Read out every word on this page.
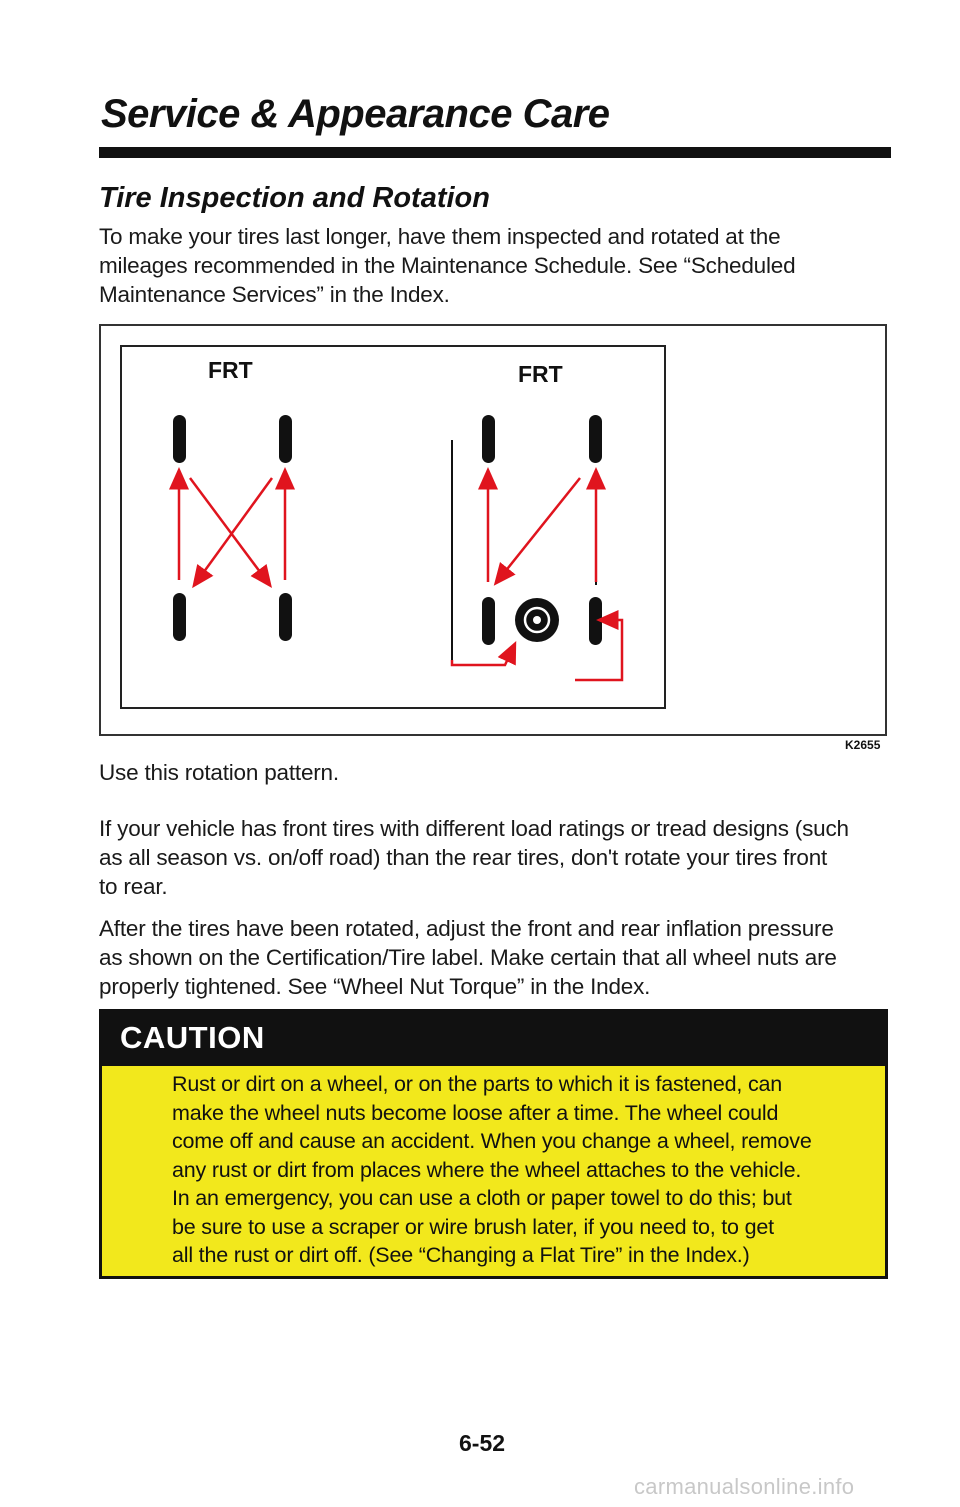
Service & Appearance Care
Tire Inspection and Rotation
To make your tires last longer, have them inspected and rotated at the
mileages recommended in the Maintenance Schedule. See “Scheduled
Maintenance Services” in the Index.
FRT	FRT
K2655
Use this rotation pattern.
If your vehicle has front tires with different load ratings or tread designs (such
as all season vs. on/off road) than the rear tires, don't rotate your tires front
to rear.
After the tires have been rotated, adjust the front and rear inflation pressure
as shown on the Certification/Tire label. Make certain that all wheel nuts are
properly tightened. See “Wheel Nut Torque” in the Index.
CAUTION
Rust or dirt on a wheel, or on the parts to which it is fastened, can
make the wheel nuts become loose after a time. The wheel could
come off and cause an accident. When you change a wheel, remove
any rust or dirt from places where the wheel attaches to the vehicle.
In an emergency, you can use a cloth or paper towel to do this; but
be sure to use a scraper or wire brush later, if you need to, to get
all the rust or dirt off. (See “Changing a Flat Tire” in the Index.)

6-52

carmanualsonline.info
